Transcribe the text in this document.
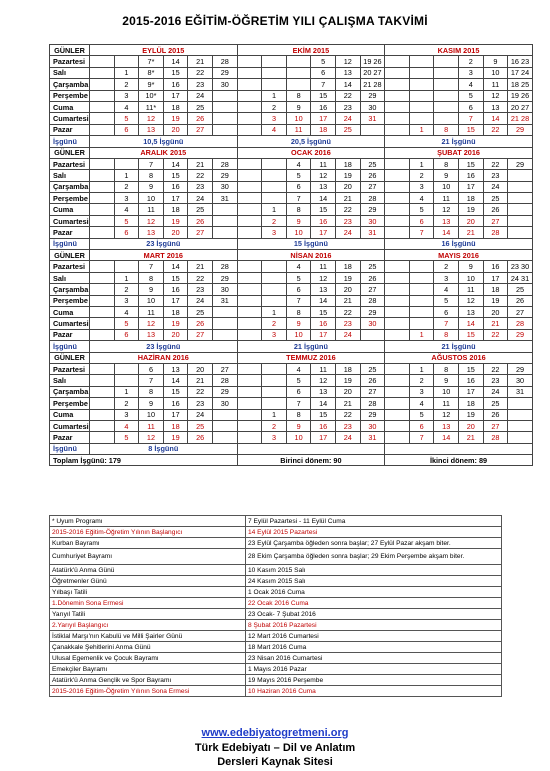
2015-2016 EĞİTİM-ÖĞRETİM YILI ÇALIŞMA TAKVİMİ
GÜNLER	EYLÜL 2015						EKİM 2015						KASIM 2015					
Pazartesi			7*	14	21	28				5	12	19 26				2	9	16 23
Salı		1	8*	15	22	29				6	13	20 27				3	10	17 24
Çarşamba		2	9*	16	23	30				7	14	21 28				4	11	18 25
Perşembe		3	10*	17	24			1	8	15	22	29				5	12	19 26
Cuma		4	11*	18	25			2	9	16	23	30				6	13	20 27
Cumartesi		5	12	19	26			3	10	17	24	31				7	14	21 28
Pazar		6	13	20	27			4	11	18	25			1	8	15	22	29
İşgünü	10,5 İşgünü						20,5 İşgünü						21 İşgünü					
GÜNLER	ARALIK 2015						OCAK 2016						ŞUBAT 2016					
Pazartesi			7	14	21	28			4	11	18	25		1	8	15	22	29
Salı		1	8	15	22	29			5	12	19	26		2	9	16	23	
Çarşamba		2	9	16	23	30			6	13	20	27		3	10	17	24	
Perşembe		3	10	17	24	31			7	14	21	28		4	11	18	25	
Cuma		4	11	18	25			1	8	15	22	29		5	12	19	26	
Cumartesi		5	12	19	26			2	9	16	23	30		6	13	20	27	
Pazar		6	13	20	27			3	10	17	24	31		7	14	21	28	
İşgünü	23 İşgünü						15 İşgünü						16 İşgünü					
GÜNLER	MART 2016						NİSAN 2016						MAYIS 2016					
Pazartesi			7	14	21	28			4	11	18	25			2	9	16	23 30
Salı		1	8	15	22	29			5	12	19	26			3	10	17	24 31
Çarşamba		2	9	16	23	30			6	13	20	27			4	11	18	25
Perşembe		3	10	17	24	31			7	14	21	28			5	12	19	26
Cuma		4	11	18	25			1	8	15	22	29			6	13	20	27
Cumartesi		5	12	19	26			2	9	16	23	30			7	14	21	28
Pazar		6	13	20	27			3	10	17	24			1	8	15	22	29
İşgünü	23 İşgünü						21 İşgünü						21 İşgünü					
GÜNLER	HAZİRAN 2016						TEMMUZ 2016						AĞUSTOS 2016					
Pazartesi			6	13	20	27			4	11	18	25		1	8	15	22	29
Salı			7	14	21	28			5	12	19	26		2	9	16	23	30
Çarşamba		1	8	15	22	29			6	13	20	27		3	10	17	24	31
Perşembe		2	9	16	23	30			7	14	21	28		4	11	18	25	
Cuma		3	10	17	24			1	8	15	22	29		5	12	19	26	
Cumartesi		4	11	18	25			2	9	16	23	30		6	13	20	27	
Pazar		5	12	19	26			3	10	17	24	31		7	14	21	28	
İşgünü	8 İşgünü																	
Toplam İşgünü: 179							Birinci dönem: 90						İkinci dönem: 89					
* Uyum Programı	7 Eylül Pazartesi - 11 Eylül Cuma
2015-2016 Eğitim-Öğretim Yılının Başlangıcı	14 Eylül 2015 Pazartesi
Kurban Bayramı	23 Eylül Çarşamba öğleden sonra başlar; 27 Eylül Pazar akşam biter.
Cumhuriyet Bayramı	28 Ekim Çarşamba öğleden sonra başlar; 29 Ekim Perşembe akşam biter.
Atatürk'ü Anma Günü	10 Kasım 2015 Salı
Öğretmenler Günü	24 Kasım 2015 Salı
Yılbaşı Tatili	1 Ocak 2016 Cuma
1.Dönemin Sona Ermesi	22 Ocak 2016 Cuma
Yarıyıl Tatili	23 Ocak- 7 Şubat 2016
2.Yarıyıl Başlangıcı	8 Şubat 2016 Pazartesi
İstiklal Marşı'nın Kabulü ve Milli Şairler Günü	12 Mart 2016 Cumartesi
Çanakkale Şehitlerini Anma Günü	18 Mart 2016 Cuma
Ulusal Egemenlik ve Çocuk Bayramı	23 Nisan 2016 Cumartesi
Emekçiler Bayramı	1 Mayıs 2016 Pazar
Atatürk'ü Anma Gençlik ve Spor Bayramı	19 Mayıs 2016 Perşembe
2015-2016 Eğitim-Öğretim Yılının Sona Ermesi	10 Haziran 2016 Cuma
www.edebiyatogretmeni.org
Türk Edebiyatı – Dil ve Anlatım
Dersleri Kaynak Sitesi
